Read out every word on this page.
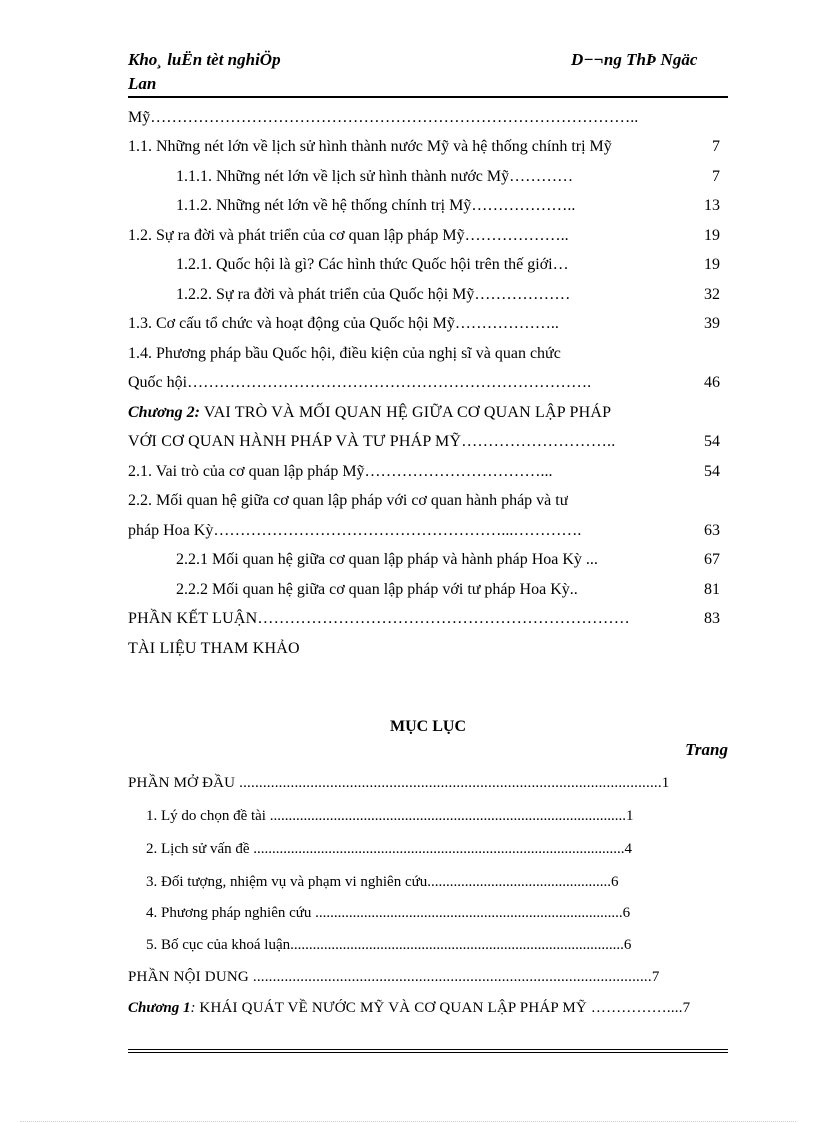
Kho¸ luËn tèt nghiÖp
Lan
D−¬ng ThÞ Ngäc
Mỹ………………………………………………………………………………..
1.1. Những nét lớn về lịch sử hình thành nước Mỹ và hệ thống chính trị Mỹ	7
1.1.1. Những nét lớn về lịch sử hình thành nước Mỹ…………	7
1.1.2. Những nét lớn về hệ thống chính trị Mỹ………………..	13
1.2. Sự ra đời và phát triển của cơ quan lập pháp Mỹ………………..	19
1.2.1. Quốc hội là gì? Các hình thức Quốc hội trên thế giới…	19
1.2.2. Sự ra đời và phát triển của Quốc hội Mỹ………………	32
1.3. Cơ cấu tổ chức và hoạt động của Quốc hội Mỹ………………..	39
1.4. Phương pháp bầu Quốc hội, điều kiện của nghị sĩ và quan chức
Quốc hội………………………………………………………………….	46
Chương 2: VAI TRÒ VÀ MỐI QUAN HỆ GIỮA CƠ QUAN LẬP PHÁP
VỚI CƠ QUAN HÀNH PHÁP VÀ TƯ PHÁP MỸ………………………..	54
2.1. Vai trò của cơ quan lập pháp Mỹ……………………………...	54
2.2. Mối quan hệ giữa cơ quan lập pháp với cơ quan hành pháp và tư
pháp Hoa Kỳ………………………………………………...………….	63
2.2.1 Mối quan hệ giữa cơ quan lập pháp và hành pháp Hoa Kỳ ...	67
2.2.2 Mối quan hệ giữa cơ quan lập pháp với tư pháp Hoa Kỳ..	81
PHẦN KẾT LUẬN……………………………………………………………	83
TÀI LIỆU THAM KHẢO
MỤC LỤC
Trang
PHẦN MỞ ĐẦU ...........................................................................................................1
1. Lý do chọn đề tài ...............................................................................................1
2. Lịch sử vấn đề ...................................................................................................4
3. Đối tượng, nhiệm vụ và phạm vi nghiên cứu.................................................6
4. Phương pháp nghiên cứu ..................................................................................6
5. Bố cục của khoá luận.........................................................................................6
PHẦN NỘI DUNG .....................................................................................................7
Chương 1: KHÁI QUÁT VỀ NƯỚC MỸ VÀ CƠ QUAN LẬP PHÁP MỸ ……………....7
